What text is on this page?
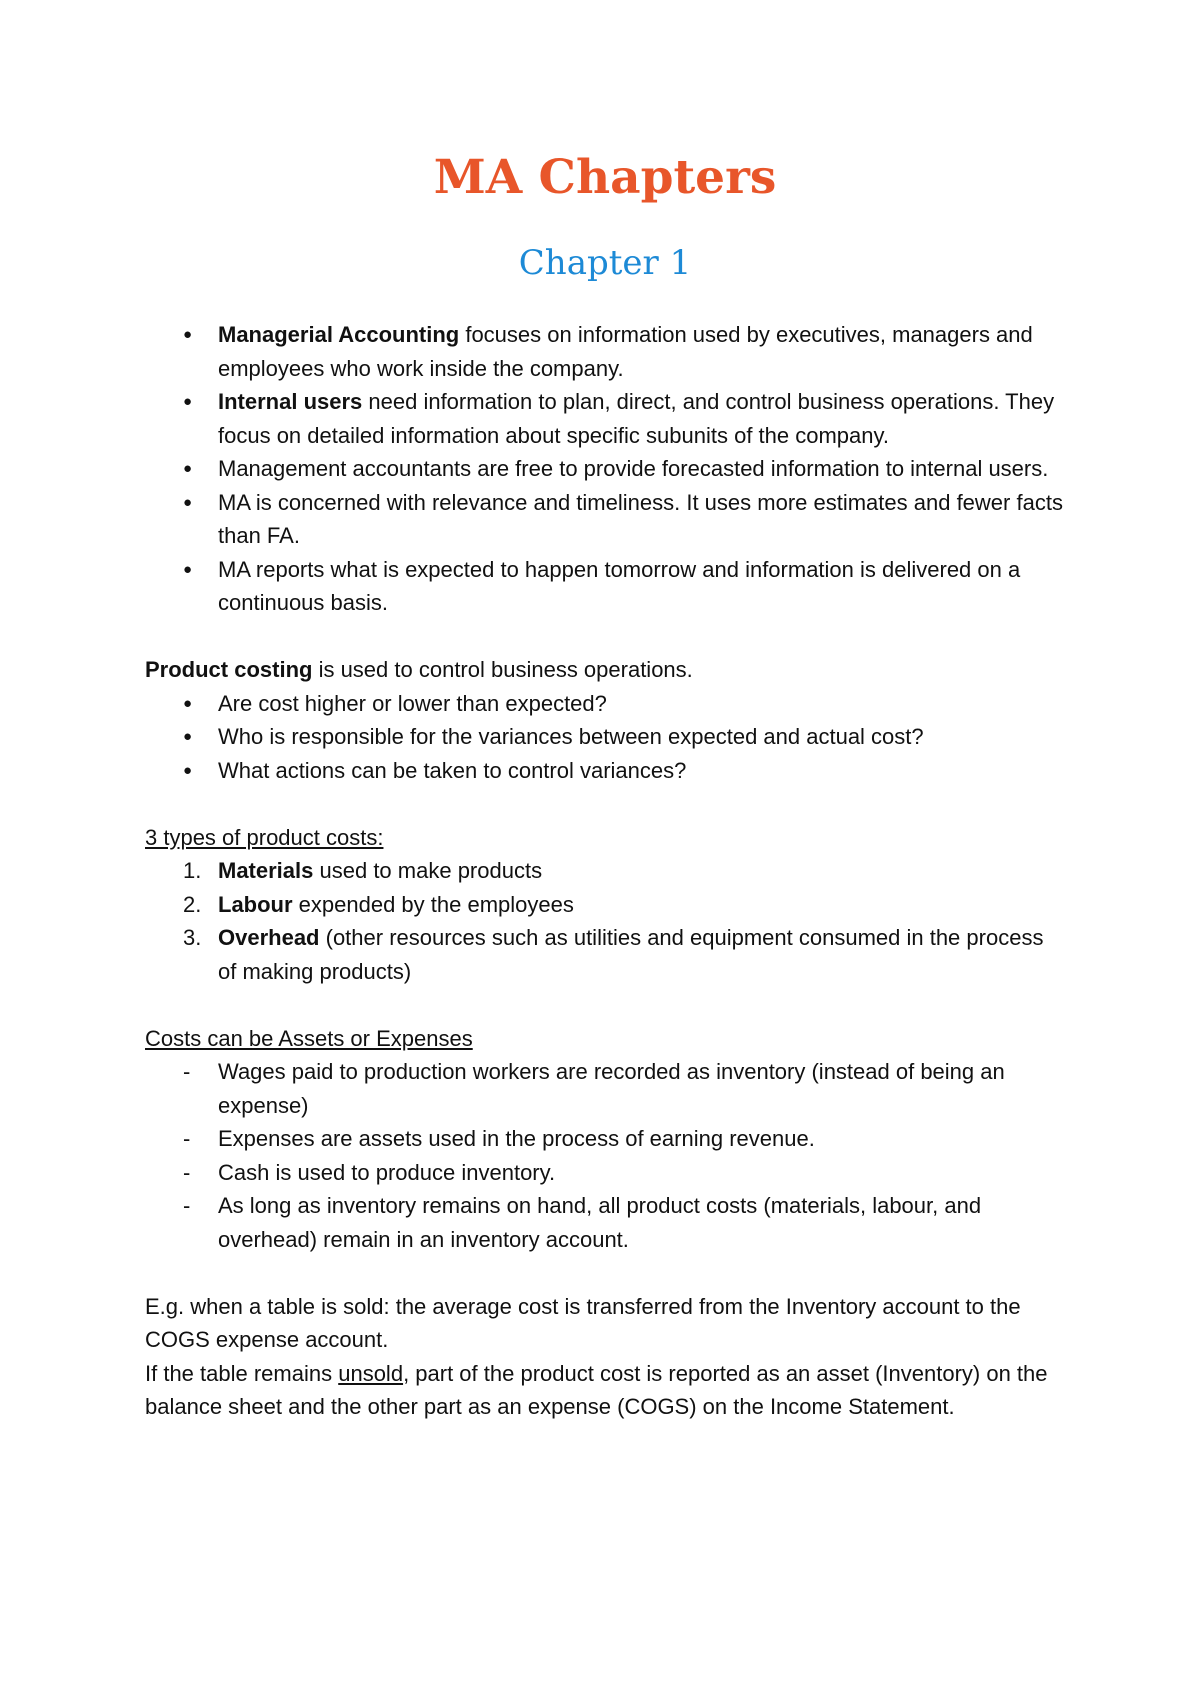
MA Chapters
Chapter 1
● Managerial Accounting focuses on information used by executives, managers and employees who work inside the company.
● Internal users need information to plan, direct, and control business operations. They focus on detailed information about specific subunits of the company.
● Management accountants are free to provide forecasted information to internal users.
● MA is concerned with relevance and timeliness. It uses more estimates and fewer facts than FA.
● MA reports what is expected to happen tomorrow and information is delivered on a continuous basis.

Product costing is used to control business operations.

● Are cost higher or lower than expected?
● Who is responsible for the variances between expected and actual cost?
● What actions can be taken to control variances?

3 types of product costs:

1. Materials used to make products
2. Labour expended by the employees
3. Overhead (other resources such as utilities and equipment consumed in the process of making products)

Costs can be Assets or Expenses

- Wages paid to production workers are recorded as inventory (instead of being an expense)
- Expenses are assets used in the process of earning revenue.
- Cash is used to produce inventory.
- As long as inventory remains on hand, all product costs (materials, labour, and overhead) remain in an inventory account.

E.g. when a table is sold: the average cost is transferred from the Inventory account to the COGS expense account.

If the table remains unsold, part of the product cost is reported as an asset (Inventory) on the balance sheet and the other part as an expense (COGS) on the Income Statement.
